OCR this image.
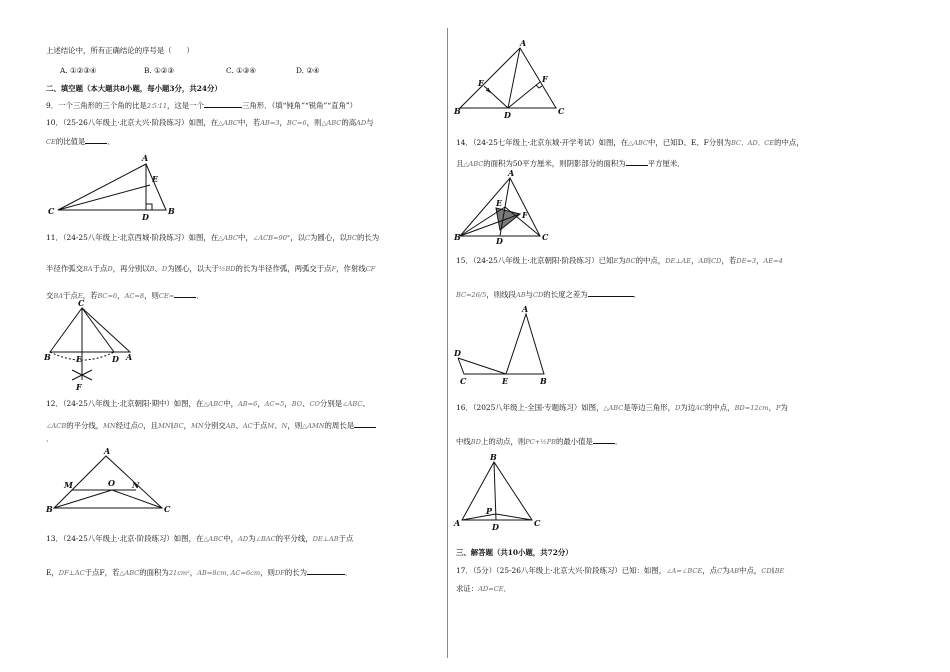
上述结论中，所有正确结论的序号是（　　）
A. ①②③④	B. ①②③	C. ①③④	D. ②④
二、填空题（本大题共8小题，每小题3分，共24分）
9．一个三角形的三个角的比是2∶5∶11，这是一个	三角形．（填“钝角”“锐角”“直角”）
10．（25-26八年级上·北京大兴·阶段练习）如图，在△ABC中，若AB=3，BC=6，则△ABC的高AD与
CE的比值是	．
A
E
C
D
B
11．（24-25八年级上·北京西城·阶段练习）如图，在△ABC中，∠ACB=90°，以C为圆心，以BC的长为
半径作弧交BA于点D，再分别以B、D为圆心，以大于½BD的长为半径作弧，两弧交于点F，作射线CF
交BA于点E，若BC=6，AC=8，则CE=	．
C
B	E	D A
F
12．（24-25八年级上·北京朝阳·期中）如图，在△ABC中，AB=6，AC=5，BO、CO分别是∠ABC、
∠ACB的平分线，MN经过点O，且MN∥BC，MN分别交AB、AC于点M、N，则△AMN的周长是
．
A
M	O N
B	C
13．（24-25八年级上·北京·阶段练习）如图，在△ABC中，AD为∠BAC的平分线，DE⊥AB于点
E，DF⊥AC于点F，若△ABC的面积为21cm²，AB=8cm, AC=6cm，则DF的长为	．
A
E	F
B	D	C
14．（24-25七年级上·北京东城·开学考试）如图，在△ABC中，已知D、E、F分别为BC、AD、CE的中点，
且△ABC的面积为50平方厘米，则阴影部分的面积为	平方厘米．
A
E
F
B	D	C
15．（24-25八年级上·北京朝阳·阶段练习）已知E为BC的中点，DE⊥AE，AB∥CD，若DE=3，AE=4
BC=26/5，则线段AB与CD的长度之差为	．
A
D
C	E	B
16．（2025八年级上·全国·专题练习）如图，△ABC是等边三角形，D为边AC的中点，BD=12cm，P为
中线BD上的动点，则PC+½PB的最小值是	．
B
P
A	D	C
三、解答题（共10小题，共72分）
17．（5分）（25-26八年级上·北京大兴·阶段练习）已知：如图，∠A=∠BCE，点C为AB中点，CD∥BE
求证：AD=CE．
